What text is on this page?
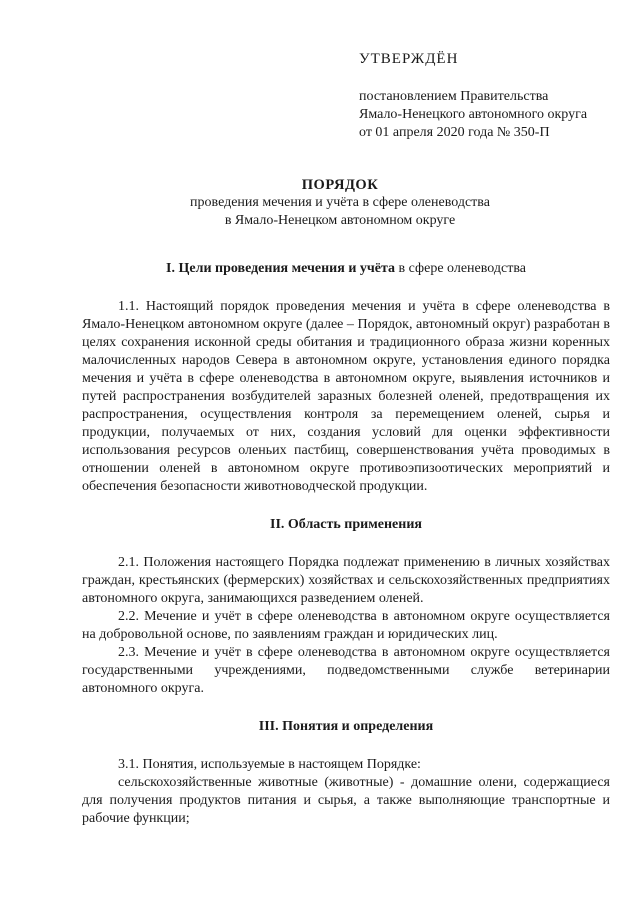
УТВЕРЖДЁН
постановлением Правительства
Ямало-Ненецкого автономного округа
от 01 апреля 2020 года № 350-П
ПОРЯДОК
проведения мечения и учёта в сфере оленеводства
в Ямало-Ненецком автономном округе
I. Цели проведения мечения и учёта в сфере оленеводства

1.1. Настоящий порядок проведения мечения и учёта в сфере оленеводства в Ямало-Ненецком автономном округе (далее – Порядок, автономный округ) разработан в целях сохранения исконной среды обитания и традиционного образа жизни коренных малочисленных народов Севера в автономном округе, установления единого порядка мечения и учёта в сфере оленеводства в автономном округе, выявления источников и путей распространения возбудителей заразных болезней оленей, предотвращения их распространения, осуществления контроля за перемещением оленей, сырья и продукции, получаемых от них, создания условий для оценки эффективности использования ресурсов оленьих пастбищ, совершенствования учёта проводимых в отношении оленей в автономном округе противоэпизоотических мероприятий и обеспечения безопасности животноводческой продукции.

II. Область применения

2.1. Положения настоящего Порядка подлежат применению в личных хозяйствах граждан, крестьянских (фермерских) хозяйствах и сельскохозяйственных предприятиях автономного округа, занимающихся разведением оленей.

2.2. Мечение и учёт в сфере оленеводства в автономном округе осуществляется на добровольной основе, по заявлениям граждан и юридических лиц.

2.3. Мечение и учёт в сфере оленеводства в автономном округе осуществляется государственными учреждениями, подведомственными службе ветеринарии автономного округа.

III. Понятия и определения

3.1. Понятия, используемые в настоящем Порядке:

сельскохозяйственные животные (животные) - домашние олени, содержащиеся для получения продуктов питания и сырья, а также выполняющие транспортные и рабочие функции;
